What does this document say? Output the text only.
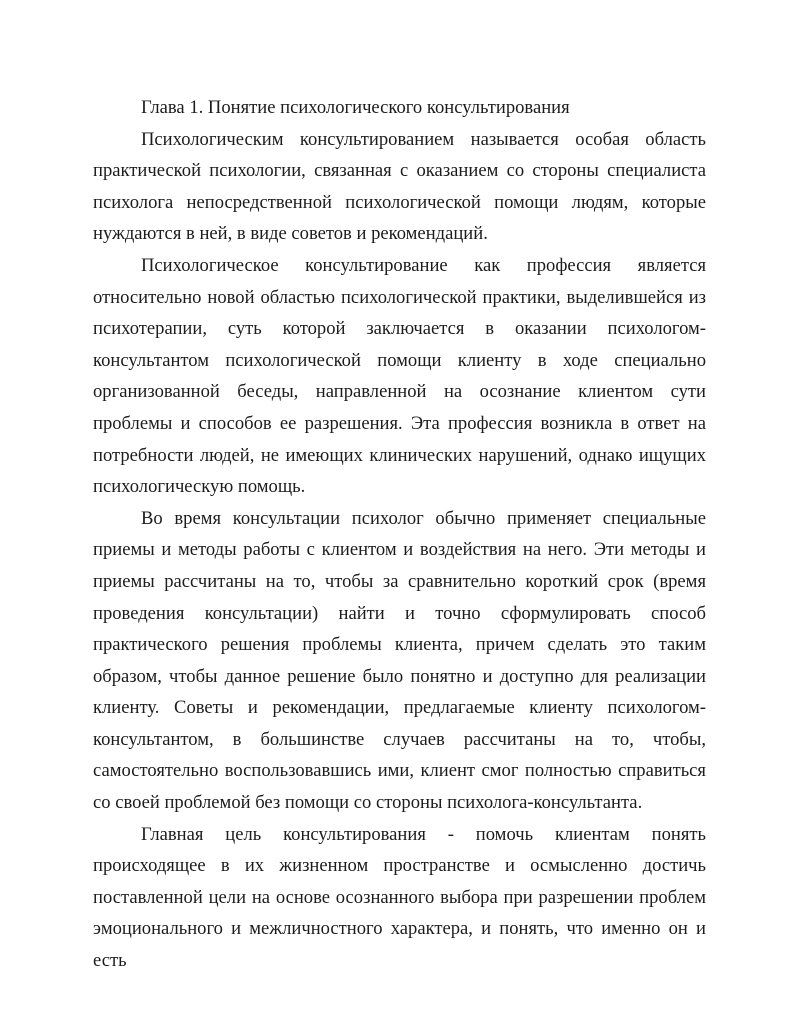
Глава 1. Понятие психологического консультирования

Психологическим консультированием называется особая область практической психологии, связанная с оказанием со стороны специалиста психолога непосредственной психологической помощи людям, которые нуждаются в ней, в виде советов и рекомендаций.

Психологическое консультирование как профессия является относительно новой областью психологической практики, выделившейся из психотерапии, суть которой заключается в оказании психологом-консультантом психологической помощи клиенту в ходе специально организованной беседы, направленной на осознание клиентом сути проблемы и способов ее разрешения. Эта профессия возникла в ответ на потребности людей, не имеющих клинических нарушений, однако ищущих психологическую помощь.

Во время консультации психолог обычно применяет специальные приемы и методы работы с клиентом и воздействия на него. Эти методы и приемы рассчитаны на то, чтобы за сравнительно короткий срок (время проведения консультации) найти и точно сформулировать способ практического решения проблемы клиента, причем сделать это таким образом, чтобы данное решение было понятно и доступно для реализации клиенту. Советы и рекомендации, предлагаемые клиенту психологом-консультантом, в большинстве случаев рассчитаны на то, чтобы, самостоятельно воспользовавшись ими, клиент смог полностью справиться со своей проблемой без помощи со стороны психолога-консультанта.

Главная цель консультирования - помочь клиентам понять происходящее в их жизненном пространстве и осмысленно достичь поставленной цели на основе осознанного выбора при разрешении проблем эмоционального и межличностного характера, и понять, что именно он и есть
